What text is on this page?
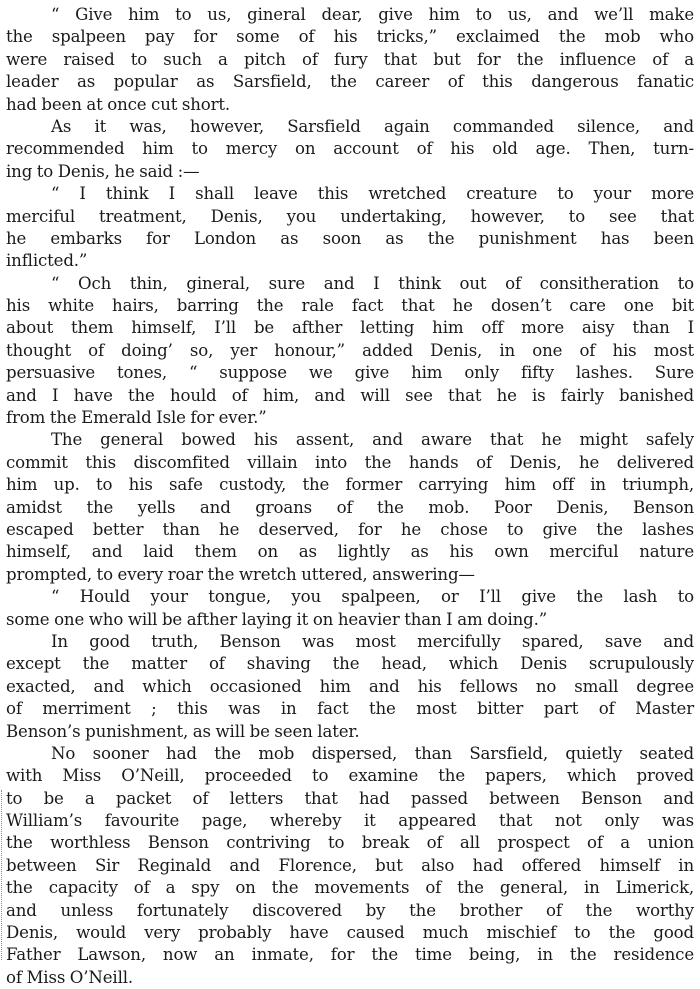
“ Give him to us, gineral dear, give him to us, and we’ll make
the spalpeen pay for some of his tricks,” exclaimed the mob who
were raised to such a pitch of fury that but for the influence of a
leader as popular as Sarsfield, the career of this dangerous fanatic
had been at once cut short.
As it was, however, Sarsfield again commanded silence, and
recommended him to mercy on account of his old age. Then, turn-
ing to Denis, he said :—
“ I think I shall leave this wretched creature to your more
merciful treatment, Denis, you undertaking, however, to see that
he embarks for London as soon as the punishment has been
inflicted.”
“ Och thin, gineral, sure and I think out of consitheration to
his white hairs, barring the rale fact that he dosen’t care one bit
about them himself, I’ll be afther letting him off more aisy than I
thought of doing’ so, yer honour,” added Denis, in one of his most
persuasive tones, “ suppose we give him only fifty lashes. Sure
and I have the hould of him, and will see that he is fairly banished
from the Emerald Isle for ever.”
The general bowed his assent, and aware that he might safely
commit this discomfited villain into the hands of Denis, he delivered
him up. to his safe custody, the former carrying him off in triumph,
amidst the yells and groans of the mob. Poor Denis, Benson
escaped better than he deserved, for he chose to give the lashes
himself, and laid them on as lightly as his own merciful nature
prompted, to every roar the wretch uttered, answering—
“ Hould your tongue, you spalpeen, or I’ll give the lash to
some one who will be afther laying it on heavier than I am doing.”
In good truth, Benson was most mercifully spared, save and
except the matter of shaving the head, which Denis scrupulously
exacted, and which occasioned him and his fellows no small degree
of merriment ; this was in fact the most bitter part of Master
Benson’s punishment, as will be seen later.
No sooner had the mob dispersed, than Sarsfield, quietly seated
with Miss O’Neill, proceeded to examine the papers, which proved
to be a packet of letters that had passed between Benson and
William’s favourite page, whereby it appeared that not only was
the worthless Benson contriving to break of all prospect of a union
between Sir Reginald and Florence, but also had offered himself in
the capacity of a spy on the movements of the general, in Limerick,
and unless fortunately discovered by the brother of the worthy
Denis, would very probably have caused much mischief to the good
Father Lawson, now an inmate, for the time being, in the residence
of Miss O’Neill.
